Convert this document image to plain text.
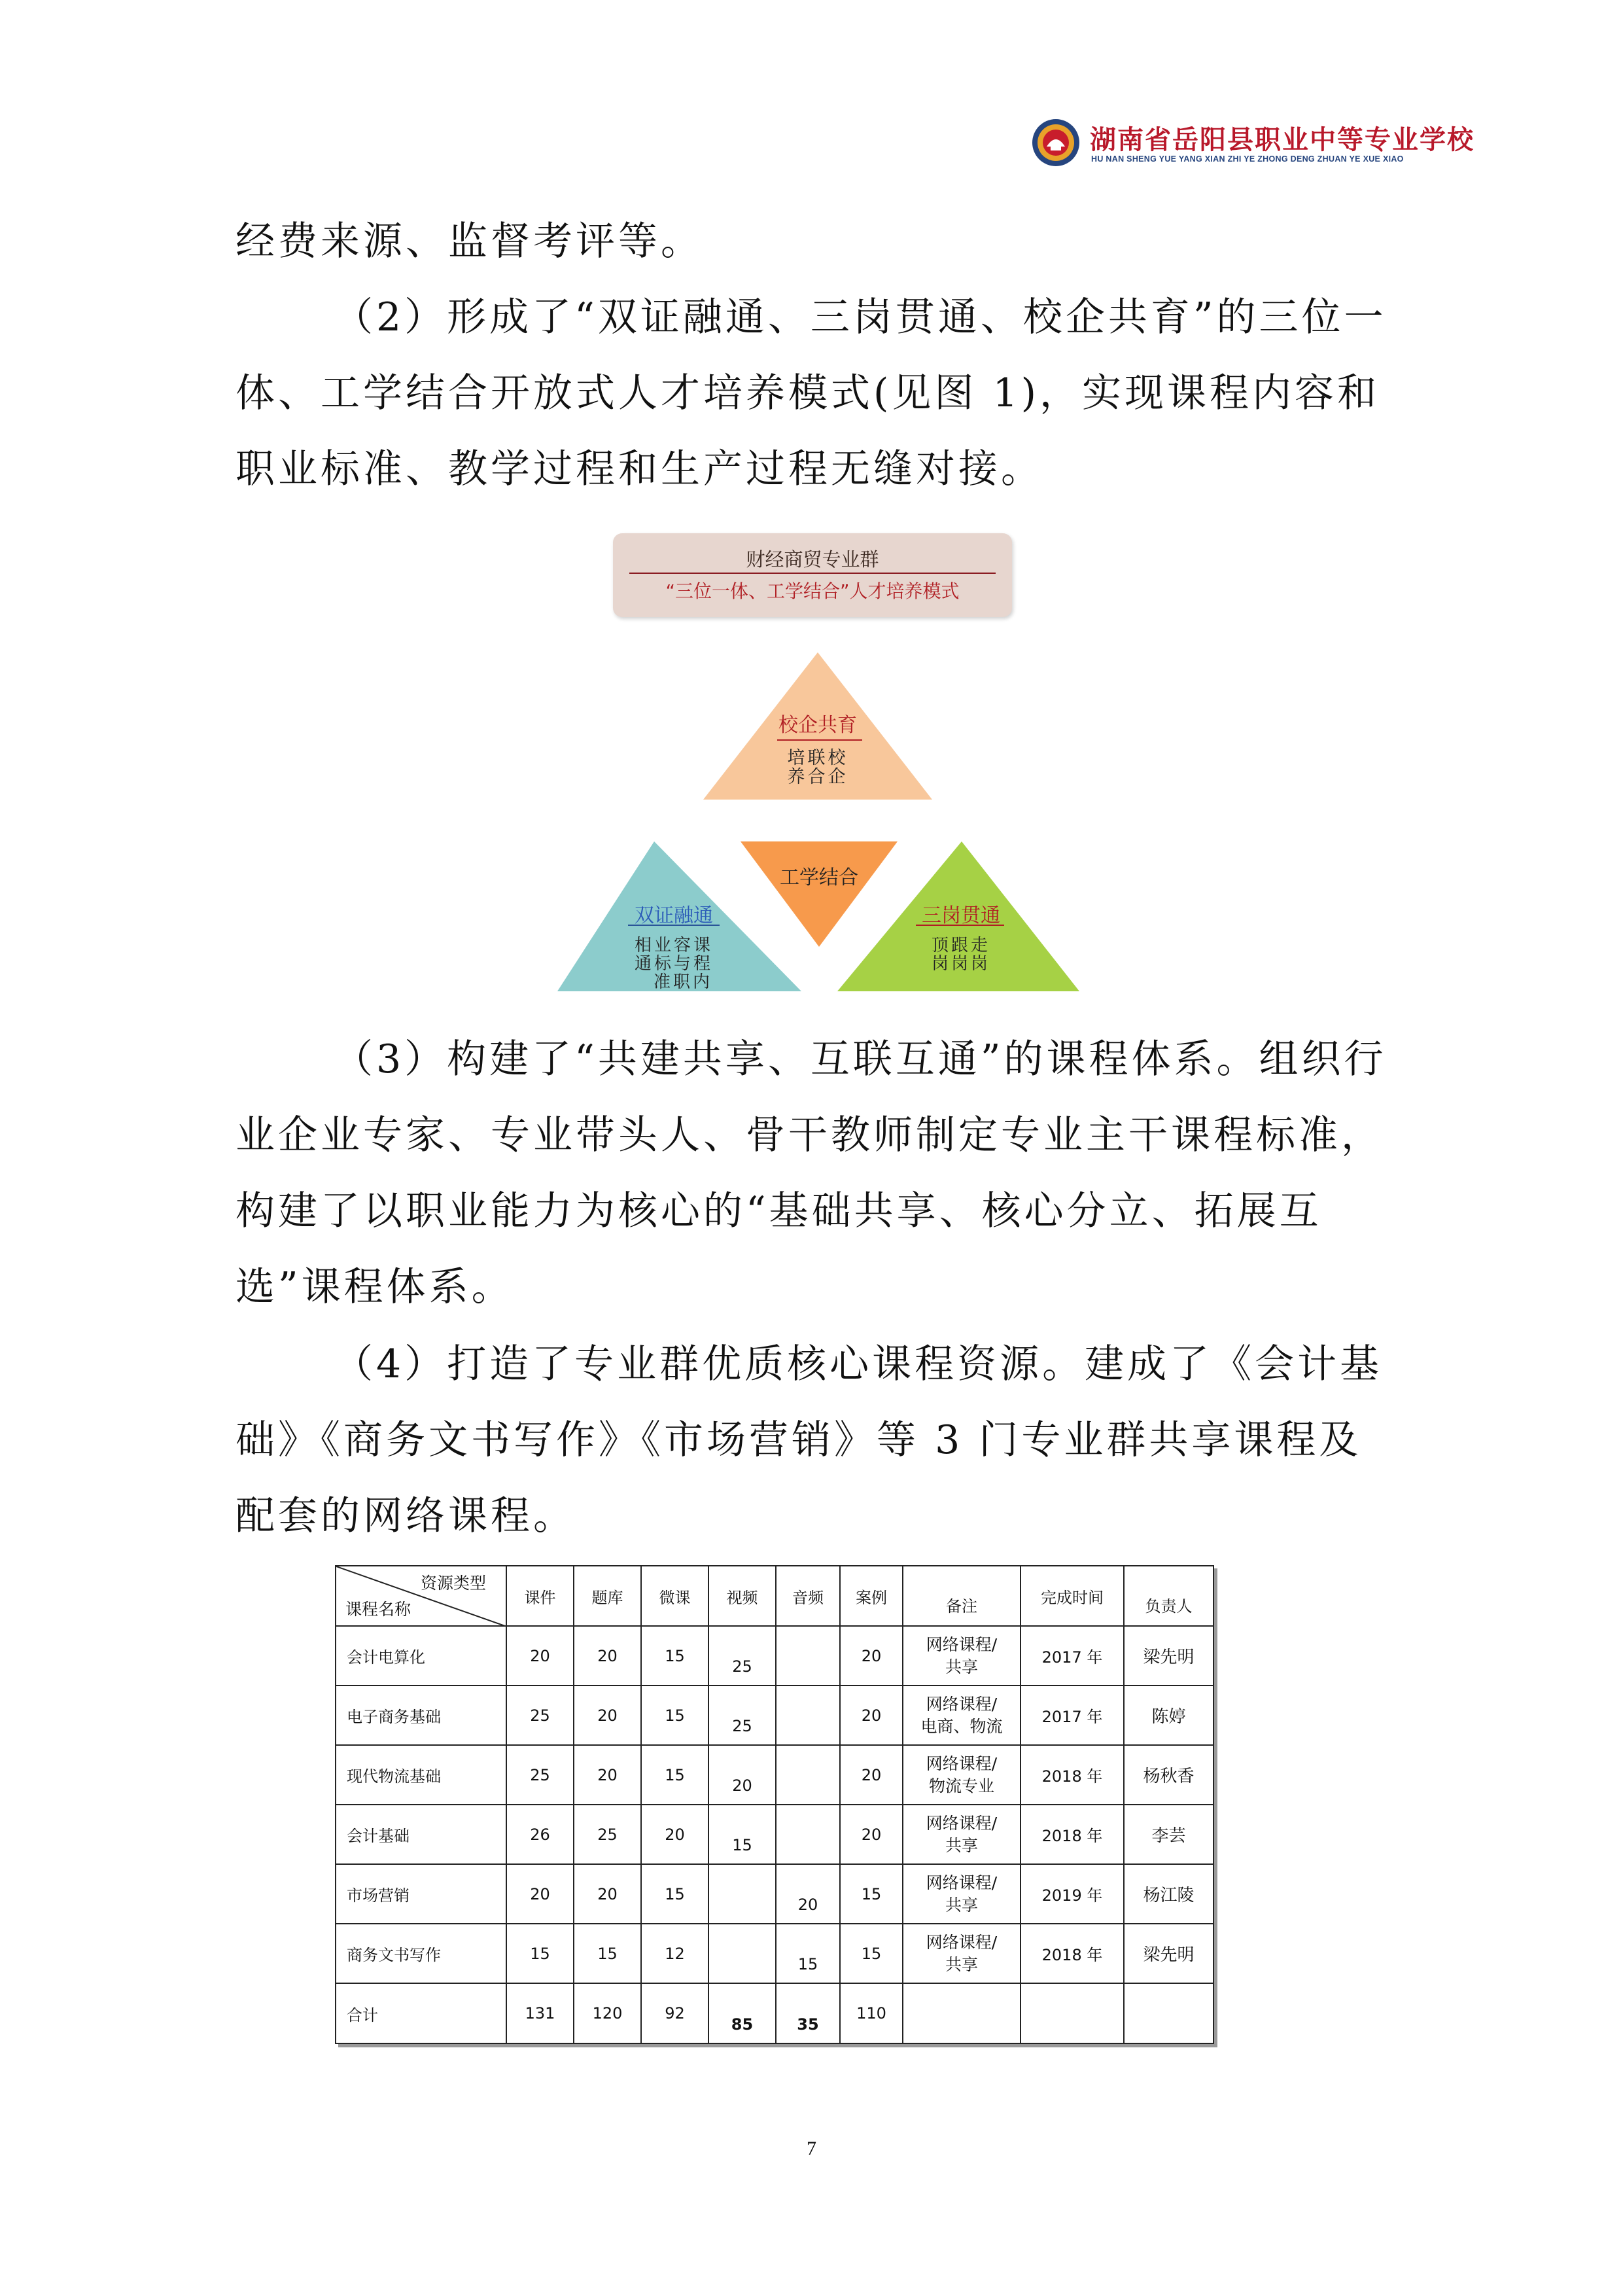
湖南省岳阳县职业中等专业学校
HU NAN SHENG YUE YANG XIAN ZHI YE ZHONG DENG ZHUAN YE XUE XIAO

经费来源、监督考评等。

（2）形成了“双证融通、三岗贯通、校企共育”的三位一体、工学结合开放式人才培养模式(见图 1)，实现课程内容和职业标准、教学过程和生产过程无缝对接。

财经商贸专业群
“三位一体、工学结合”人才培养模式
校企共育
培联校
养合企
工学结合
双证融通
相业容课
通标与程
准职内
三岗贯通
顶跟走
岗岗岗

（3）构建了“共建共享、互联互通”的课程体系。组织行业企业专家、专业带头人、骨干教师制定专业主干课程标准，构建了以职业能力为核心的“基础共享、核心分立、拓展互选”课程体系。

（4）打造了专业群优质核心课程资源。建成了《会计基础》《商务文书写作》《市场营销》等 3 门专业群共享课程及配套的网络课程。

资源类型
课程名称	课件	题库	微课	视频	音频	案例	备注	完成时间	负责人
会计电算化	20	20	15	25		20	网络课程/
共享	2017 年	梁先明
电子商务基础	25	20	15	25		20	网络课程/
电商、物流	2017 年	陈婷
现代物流基础	25	20	15	20		20	网络课程/
物流专业	2018 年	杨秋香
会计基础	26	25	20	15		20	网络课程/
共享	2018 年	李芸
市场营销	20	20	15		20	15	网络课程/
共享	2019 年	杨江陵
商务文书写作	15	15	12		15	15	网络课程/
共享	2018 年	梁先明
合计	131	120	92	85	35	110			
7
